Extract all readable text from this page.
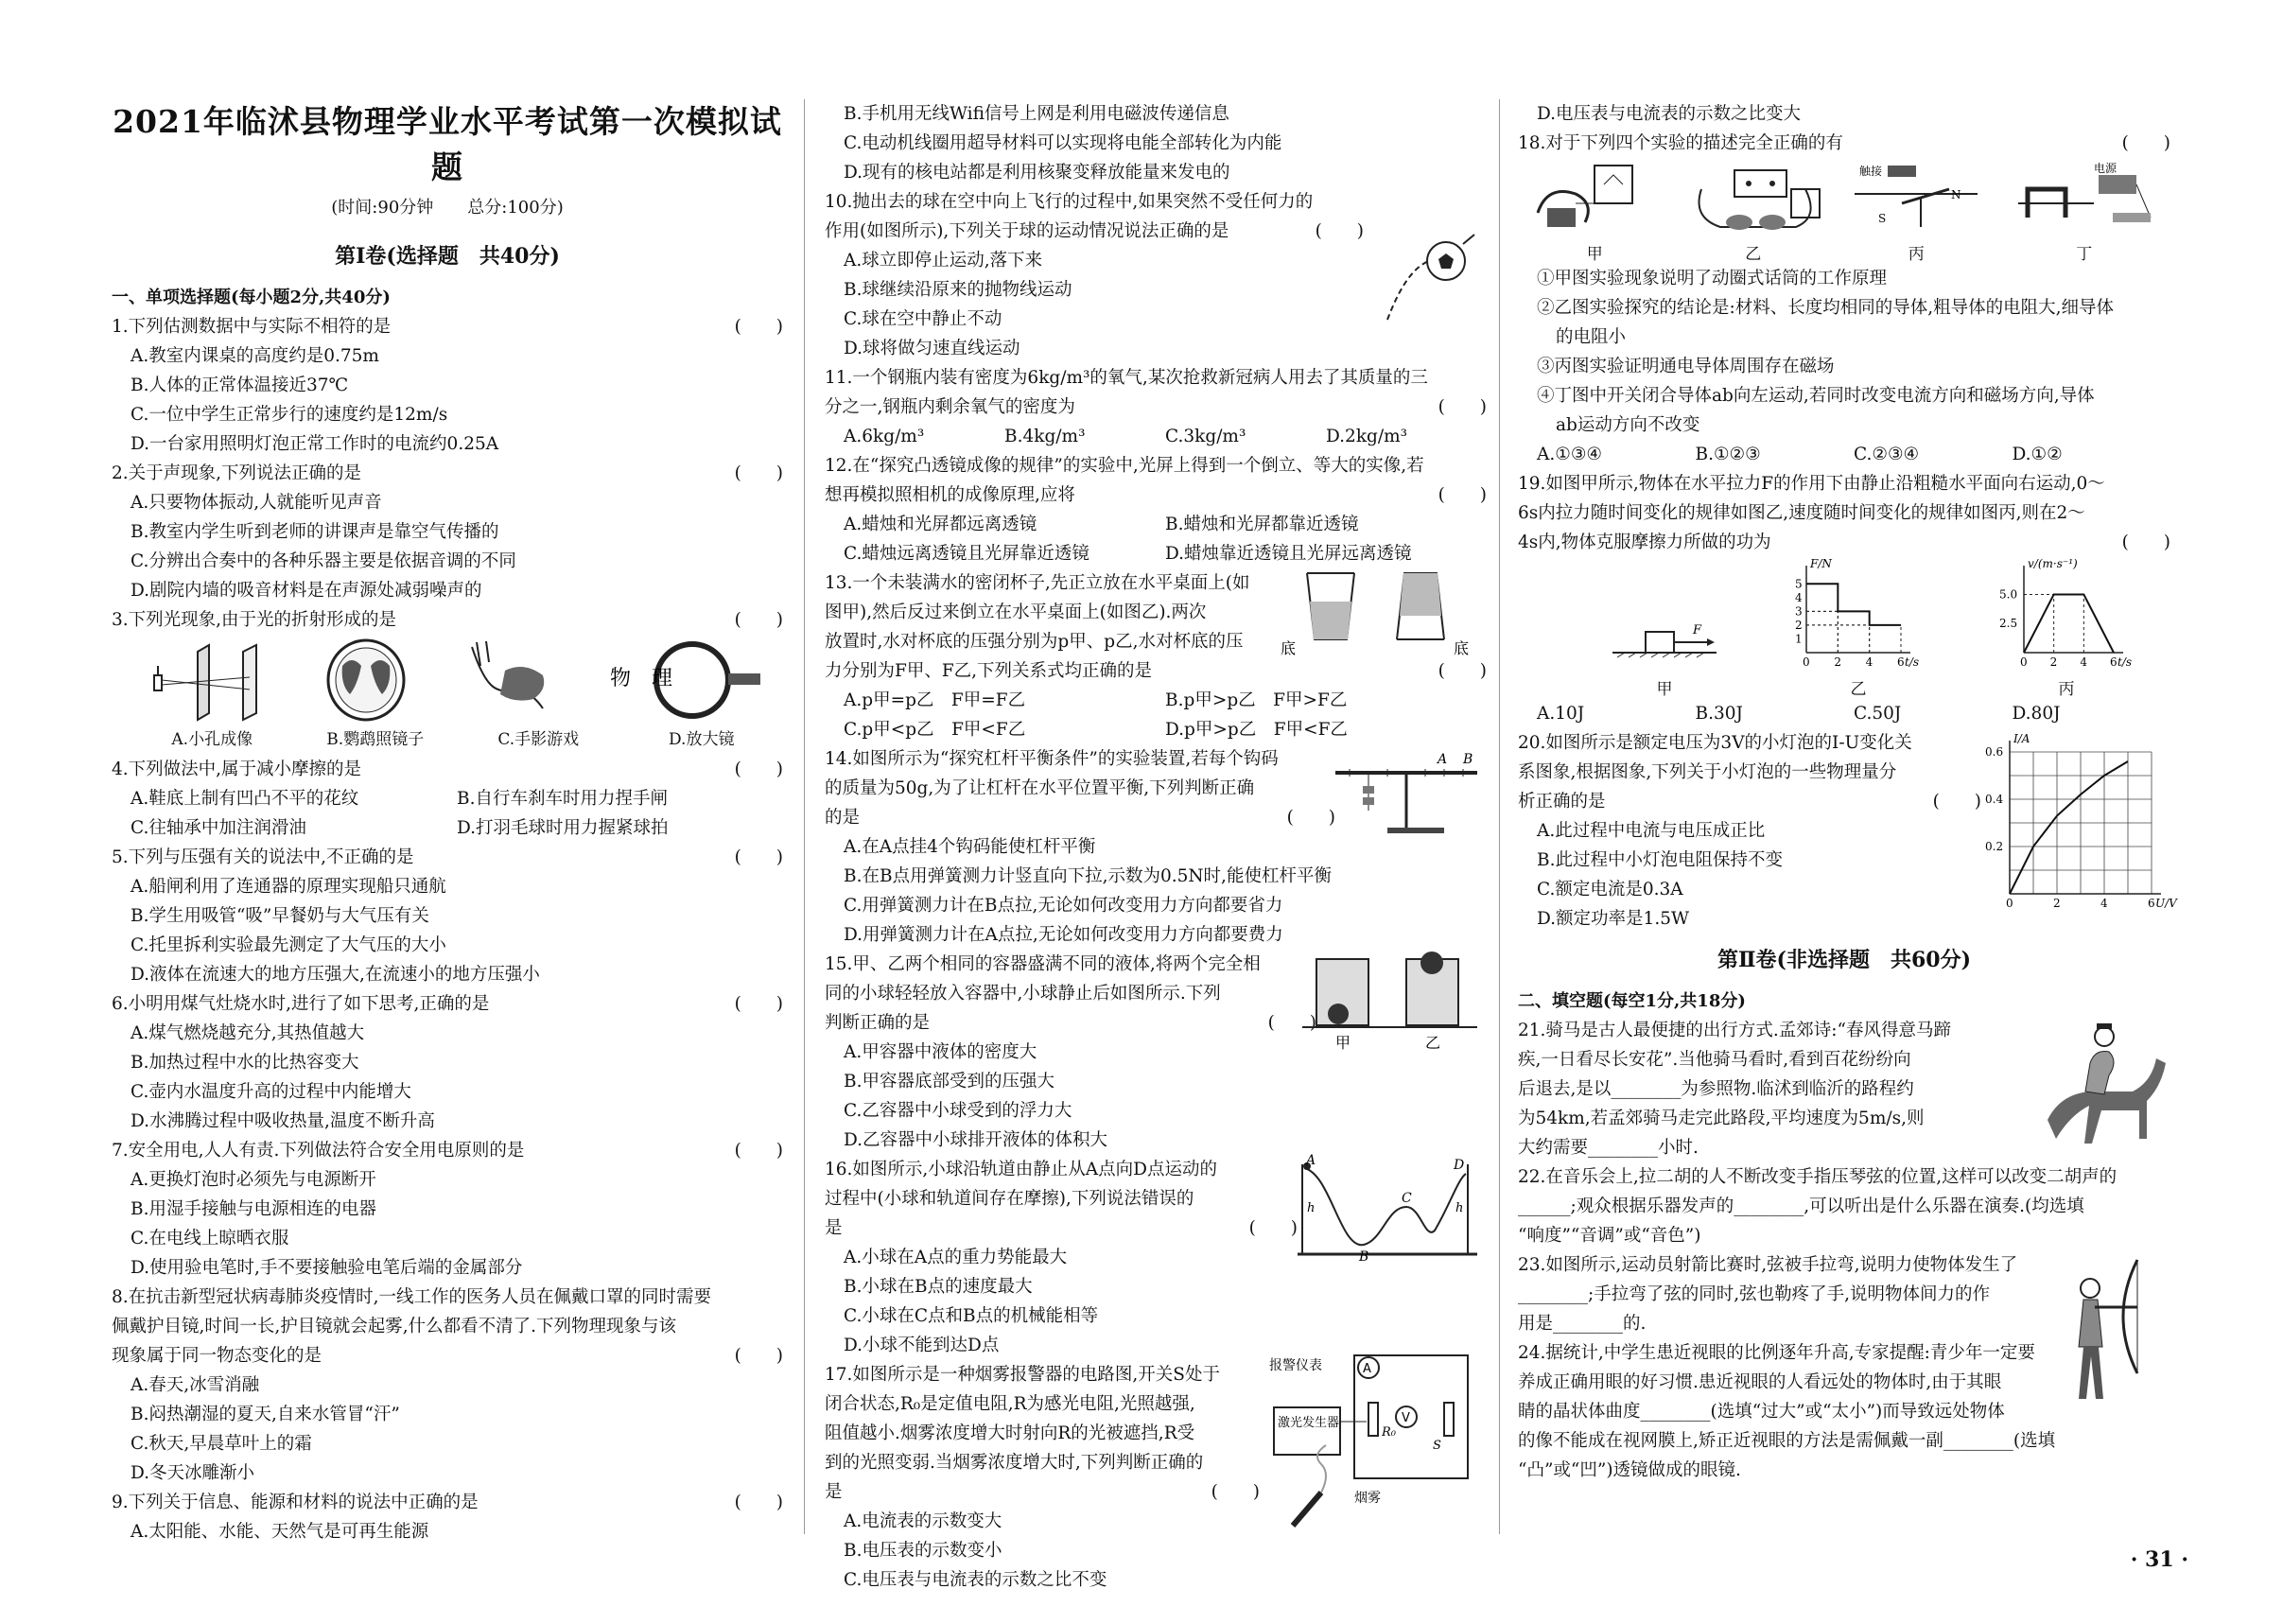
2021年临沭县物理学业水平考试第一次模拟试题
(时间:90分钟　　总分:100分)
第Ⅰ卷(选择题　共40分)
一、单项选择题(每小题2分,共40分)
1.下列估测数据中与实际不相符的是	(　　)
A.教室内课桌的高度约是0.75m
B.人体的正常体温接近37℃
C.一位中学生正常步行的速度约是12m/s
D.一台家用照明灯泡正常工作时的电流约0.25A
2.关于声现象,下列说法正确的是	(　　)
A.只要物体振动,人就能听见声音
B.教室内学生听到老师的讲课声是靠空气传播的
C.分辨出合奏中的各种乐器主要是依据音调的不同
D.剧院内墙的吸音材料是在声源处减弱噪声的
3.下列光现象,由于光的折射形成的是	(　　)
物　理
A.小孔成像	B.鹦鹉照镜子	C.手影游戏	D.放大镜
4.下列做法中,属于减小摩擦的是	(　　)
A.鞋底上制有凹凸不平的花纹	B.自行车刹车时用力捏手闸
C.往轴承中加注润滑油	D.打羽毛球时用力握紧球拍
5.下列与压强有关的说法中,不正确的是	(　　)
A.船闸利用了连通器的原理实现船只通航
B.学生用吸管“吸”早餐奶与大气压有关
C.托里拆利实验最先测定了大气压的大小
D.液体在流速大的地方压强大,在流速小的地方压强小
6.小明用煤气灶烧水时,进行了如下思考,正确的是	(　　)
A.煤气燃烧越充分,其热值越大
B.加热过程中水的比热容变大
C.壶内水温度升高的过程中内能增大
D.水沸腾过程中吸收热量,温度不断升高
7.安全用电,人人有责.下列做法符合安全用电原则的是	(　　)
A.更换灯泡时必须先与电源断开
B.用湿手接触与电源相连的电器
C.在电线上晾晒衣服
D.使用验电笔时,手不要接触验电笔后端的金属部分
8.在抗击新型冠状病毒肺炎疫情时,一线工作的医务人员在佩戴口罩的同时需要
佩戴护目镜,时间一长,护目镜就会起雾,什么都看不清了.下列物理现象与该
现象属于同一物态变化的是	(　　)
A.春天,冰雪消融
B.闷热潮湿的夏天,自来水管冒“汗”
C.秋天,早晨草叶上的霜
D.冬天冰雕渐小
9.下列关于信息、能源和材料的说法中正确的是	(　　)
A.太阳能、水能、天然气是可再生能源
B.手机用无线Wifi信号上网是利用电磁波传递信息
C.电动机线圈用超导材料可以实现将电能全部转化为内能
D.现有的核电站都是利用核聚变释放能量来发电的
10.抛出去的球在空中向上飞行的过程中,如果突然不受任何力的
作用(如图所示),下列关于球的运动情况说法正确的是	(　　)
A.球立即停止运动,落下来
B.球继续沿原来的抛物线运动
C.球在空中静止不动
D.球将做匀速直线运动
11.一个钢瓶内装有密度为6kg/m³的氧气,某次抢救新冠病人用去了其质量的三
分之一,钢瓶内剩余氧气的密度为	(　　)
A.6kg/m³	B.4kg/m³	C.3kg/m³	D.2kg/m³
12.在“探究凸透镜成像的规律”的实验中,光屏上得到一个倒立、等大的实像,若
想再模拟照相机的成像原理,应将	(　　)
A.蜡烛和光屏都远离透镜	B.蜡烛和光屏都靠近透镜
C.蜡烛远离透镜且光屏靠近透镜	D.蜡烛靠近透镜且光屏远离透镜
13.一个未装满水的密闭杯子,先正立放在水平桌面上(如
图甲),然后反过来倒立在水平桌面上(如图乙).两次
放置时,水对杯底的压强分别为p甲、p乙,水对杯底的压
力分别为F甲、F乙,下列关系式均正确的是	(　　)
A.p甲=p乙　F甲=F乙	B.p甲>p乙　F甲>F乙
C.p甲<p乙　F甲<F乙	D.p甲>p乙　F甲<F乙
底	底
14.如图所示为“探究杠杆平衡条件”的实验装置,若每个钩码
的质量为50g,为了让杠杆在水平位置平衡,下列判断正确
的是	(　　)
A.在A点挂4个钩码能使杠杆平衡
B.在B点用弹簧测力计竖直向下拉,示数为0.5N时,能使杠杆平衡
C.用弹簧测力计在B点拉,无论如何改变用力方向都要省力
D.用弹簧测力计在A点拉,无论如何改变用力方向都要费力
A B
15.甲、乙两个相同的容器盛满不同的液体,将两个完全相
同的小球轻轻放入容器中,小球静止后如图所示.下列
判断正确的是	(　　)
A.甲容器中液体的密度大
B.甲容器底部受到的压强大
C.乙容器中小球受到的浮力大
D.乙容器中小球排开液体的体积大
甲	乙
16.如图所示,小球沿轨道由静止从A点向D点运动的
过程中(小球和轨道间存在摩擦),下列说法错误的
是	(　　)
A.小球在A点的重力势能最大
B.小球在B点的速度最大
C.小球在C点和B点的机械能相等
D.小球不能到达D点
A
B
C
D
h	h
17.如图所示是一种烟雾报警器的电路图,开关S处于
闭合状态,R₀是定值电阻,R为感光电阻,光照越强,
阻值越小.烟雾浓度增大时射向R的光被遮挡,R受
到的光照变弱.当烟雾浓度增大时,下列判断正确的
是	(　　)
A.电流表的示数变大
B.电压表的示数变小
C.电压表与电流表的示数之比不变
A
V
R₀
S
报警仪表
激光发生器
烟雾
D.电压表与电流表的示数之比变大
18.对于下列四个实验的描述完全正确的有	(　　)
甲	乙
触接
S
N
丙
电源
丁
①甲图实验现象说明了动圈式话筒的工作原理
②乙图实验探究的结论是:材料、长度均相同的导体,粗导体的电阻大,细导体
的电阻小
③丙图实验证明通电导体周围存在磁场
④丁图中开关闭合导体ab向左运动,若同时改变电流方向和磁场方向,导体
ab运动方向不改变
A.①③④	B.①②③	C.②③④	D.①②
19.如图甲所示,物体在水平拉力F的作用下由静止沿粗糙水平面向右运动,0～
6s内拉力随时间变化的规律如图乙,速度随时间变化的规律如图丙,则在2～
4s内,物体克服摩擦力所做的功为	(　　)
F
甲
t/s
F/N
0 2 4 6
1
2
3
4
5
乙
t/s
v/(m·s⁻¹)
0 2 4 6
2.5
5.0
丙
A.10J	B.30J	C.50J	D.80J
20.如图所示是额定电压为3V的小灯泡的I-U变化关
系图象,根据图象,下列关于小灯泡的一些物理量分
析正确的是	(　　)
A.此过程中电流与电压成正比
B.此过程中小灯泡电阻保持不变
C.额定电流是0.3A
D.额定功率是1.5W
U/V
I/A
0	2	4	6
0.2
0.4
0.6
第Ⅱ卷(非选择题　共60分)
二、填空题(每空1分,共18分)
21.骑马是古人最便捷的出行方式.孟郊诗:“春风得意马蹄
疾,一日看尽长安花”.当他骑马看时,看到百花纷纷向
后退去,是以________为参照物.临沭到临沂的路程约
为54km,若孟郊骑马走完此路段,平均速度为5m/s,则
大约需要________小时.
22.在音乐会上,拉二胡的人不断改变手指压琴弦的位置,这样可以改变二胡声的
______;观众根据乐器发声的________,可以听出是什么乐器在演奏.(均选填
“响度”“音调”或“音色”)
23.如图所示,运动员射箭比赛时,弦被手拉弯,说明力使物体发生了
________;手拉弯了弦的同时,弦也勒疼了手,说明物体间力的作
用是________的.
24.据统计,中学生患近视眼的比例逐年升高,专家提醒:青少年一定要
养成正确用眼的好习惯.患近视眼的人看远处的物体时,由于其眼
睛的晶状体曲度________(选填“过大”或“太小”)而导致远处物体
的像不能成在视网膜上,矫正近视眼的方法是需佩戴一副________(选填
“凸”或“凹”)透镜做成的眼镜.
· 31 ·
